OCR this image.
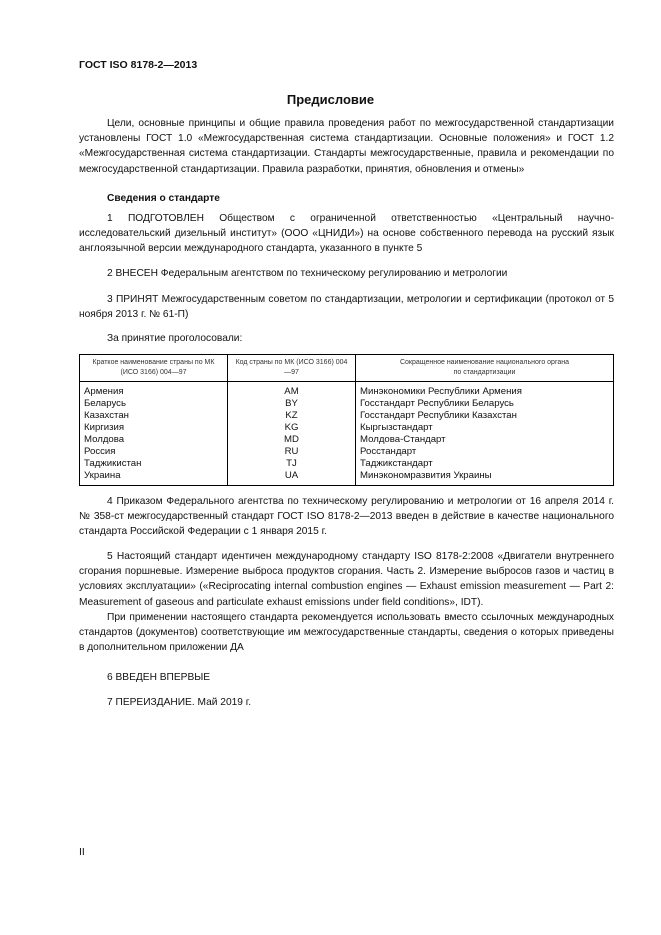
ГОСТ ISO 8178-2—2013
Предисловие

Цели, основные принципы и общие правила проведения работ по межгосударственной стандартизации установлены ГОСТ 1.0 «Межгосударственная система стандартизации. Основные положения» и ГОСТ 1.2 «Межгосударственная система стандартизации. Стандарты межгосударственные, правила и рекомендации по межгосударственной стандартизации. Правила разработки, принятия, обновления и отмены»

Сведения о стандарте

1 ПОДГОТОВЛЕН Обществом с ограниченной ответственностью «Центральный научно-исследовательский дизельный институт» (ООО «ЦНИДИ») на основе собственного перевода на русский язык англоязычной версии международного стандарта, указанного в пункте 5

2 ВНЕСЕН Федеральным агентством по техническому регулированию и метрологии

3 ПРИНЯТ Межгосударственным советом по стандартизации, метрологии и сертификации (протокол от 5 ноября 2013 г. № 61-П)

За принятие проголосовали:
Краткое наименование страны по МК (ИСО 3166) 004—97	Код страны по МК (ИСО 3166) 004—97	Сокращенное наименование национального органа по стандартизации
Армения	AM	Минэкономики Республики Армения
Беларусь	BY	Госстандарт Республики Беларусь
Казахстан	KZ	Госстандарт Республики Казахстан
Киргизия	KG	Кыргызстандарт
Молдова	MD	Молдова-Стандарт
Россия	RU	Росстандарт
Таджикистан	TJ	Таджикстандарт
Украина	UA	Минэкономразвития Украины

4 Приказом Федерального агентства по техническому регулированию и метрологии от 16 апреля 2014 г. № 358-ст межгосударственный стандарт ГОСТ ISO 8178-2—2013 введен в действие в качестве национального стандарта Российской Федерации с 1 января 2015 г.

5 Настоящий стандарт идентичен международному стандарту ISO 8178-2:2008 «Двигатели внутреннего сгорания поршневые. Измерение выброса продуктов сгорания. Часть 2. Измерение выбросов газов и частиц в условиях эксплуатации» («Reciprocating internal combustion engines — Exhaust emission measurement — Part 2: Measurement of gaseous and particulate exhaust emissions under field conditions», IDT).

При применении настоящего стандарта рекомендуется использовать вместо ссылочных международных стандартов (документов) соответствующие им межгосударственные стандарты, сведения о которых приведены в дополнительном приложении ДА

6 ВВЕДЕН ВПЕРВЫЕ
7 ПЕРЕИЗДАНИЕ. Май 2019 г.
II
